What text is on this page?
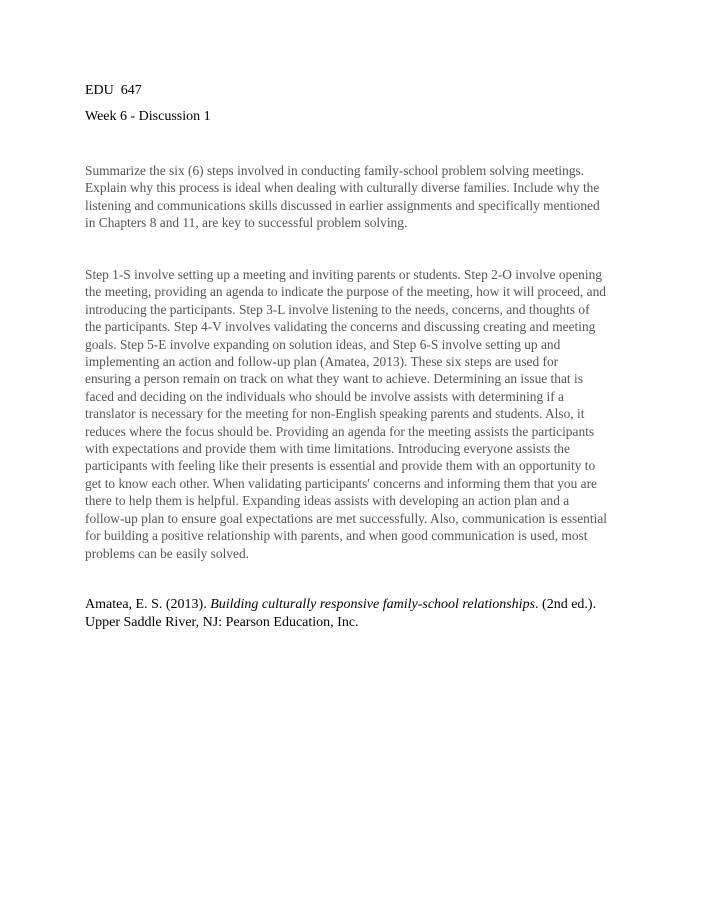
EDU  647
Week 6 - Discussion 1
Summarize the six (6) steps involved in conducting family-school problem solving meetings.
Explain why this process is ideal when dealing with culturally diverse families. Include why the
listening and communications skills discussed in earlier assignments and specifically mentioned
in Chapters 8 and 11, are key to successful problem solving.
Step 1-S involve setting up a meeting and inviting parents or students. Step 2-O involve opening
the meeting, providing an agenda to indicate the purpose of the meeting, how it will proceed, and
introducing the participants. Step 3-L involve listening to the needs, concerns, and thoughts of
the participants. Step 4-V involves validating the concerns and discussing creating and meeting
goals. Step 5-E involve expanding on solution ideas, and Step 6-S involve setting up and
implementing an action and follow-up plan (Amatea, 2013). These six steps are used for
ensuring a person remain on track on what they want to achieve. Determining an issue that is
faced and deciding on the individuals who should be involve assists with determining if a
translator is necessary for the meeting for non-English speaking parents and students. Also, it
reduces where the focus should be. Providing an agenda for the meeting assists the participants
with expectations and provide them with time limitations. Introducing everyone assists the
participants with feeling like their presents is essential and provide them with an opportunity to
get to know each other. When validating participants' concerns and informing them that you are
there to help them is helpful. Expanding ideas assists with developing an action plan and a
follow-up plan to ensure goal expectations are met successfully. Also, communication is essential
for building a positive relationship with parents, and when good communication is used, most
problems can be easily solved.
Amatea, E. S. (2013). Building culturally responsive family-school relationships. (2nd ed.).
Upper Saddle River, NJ: Pearson Education, Inc.
